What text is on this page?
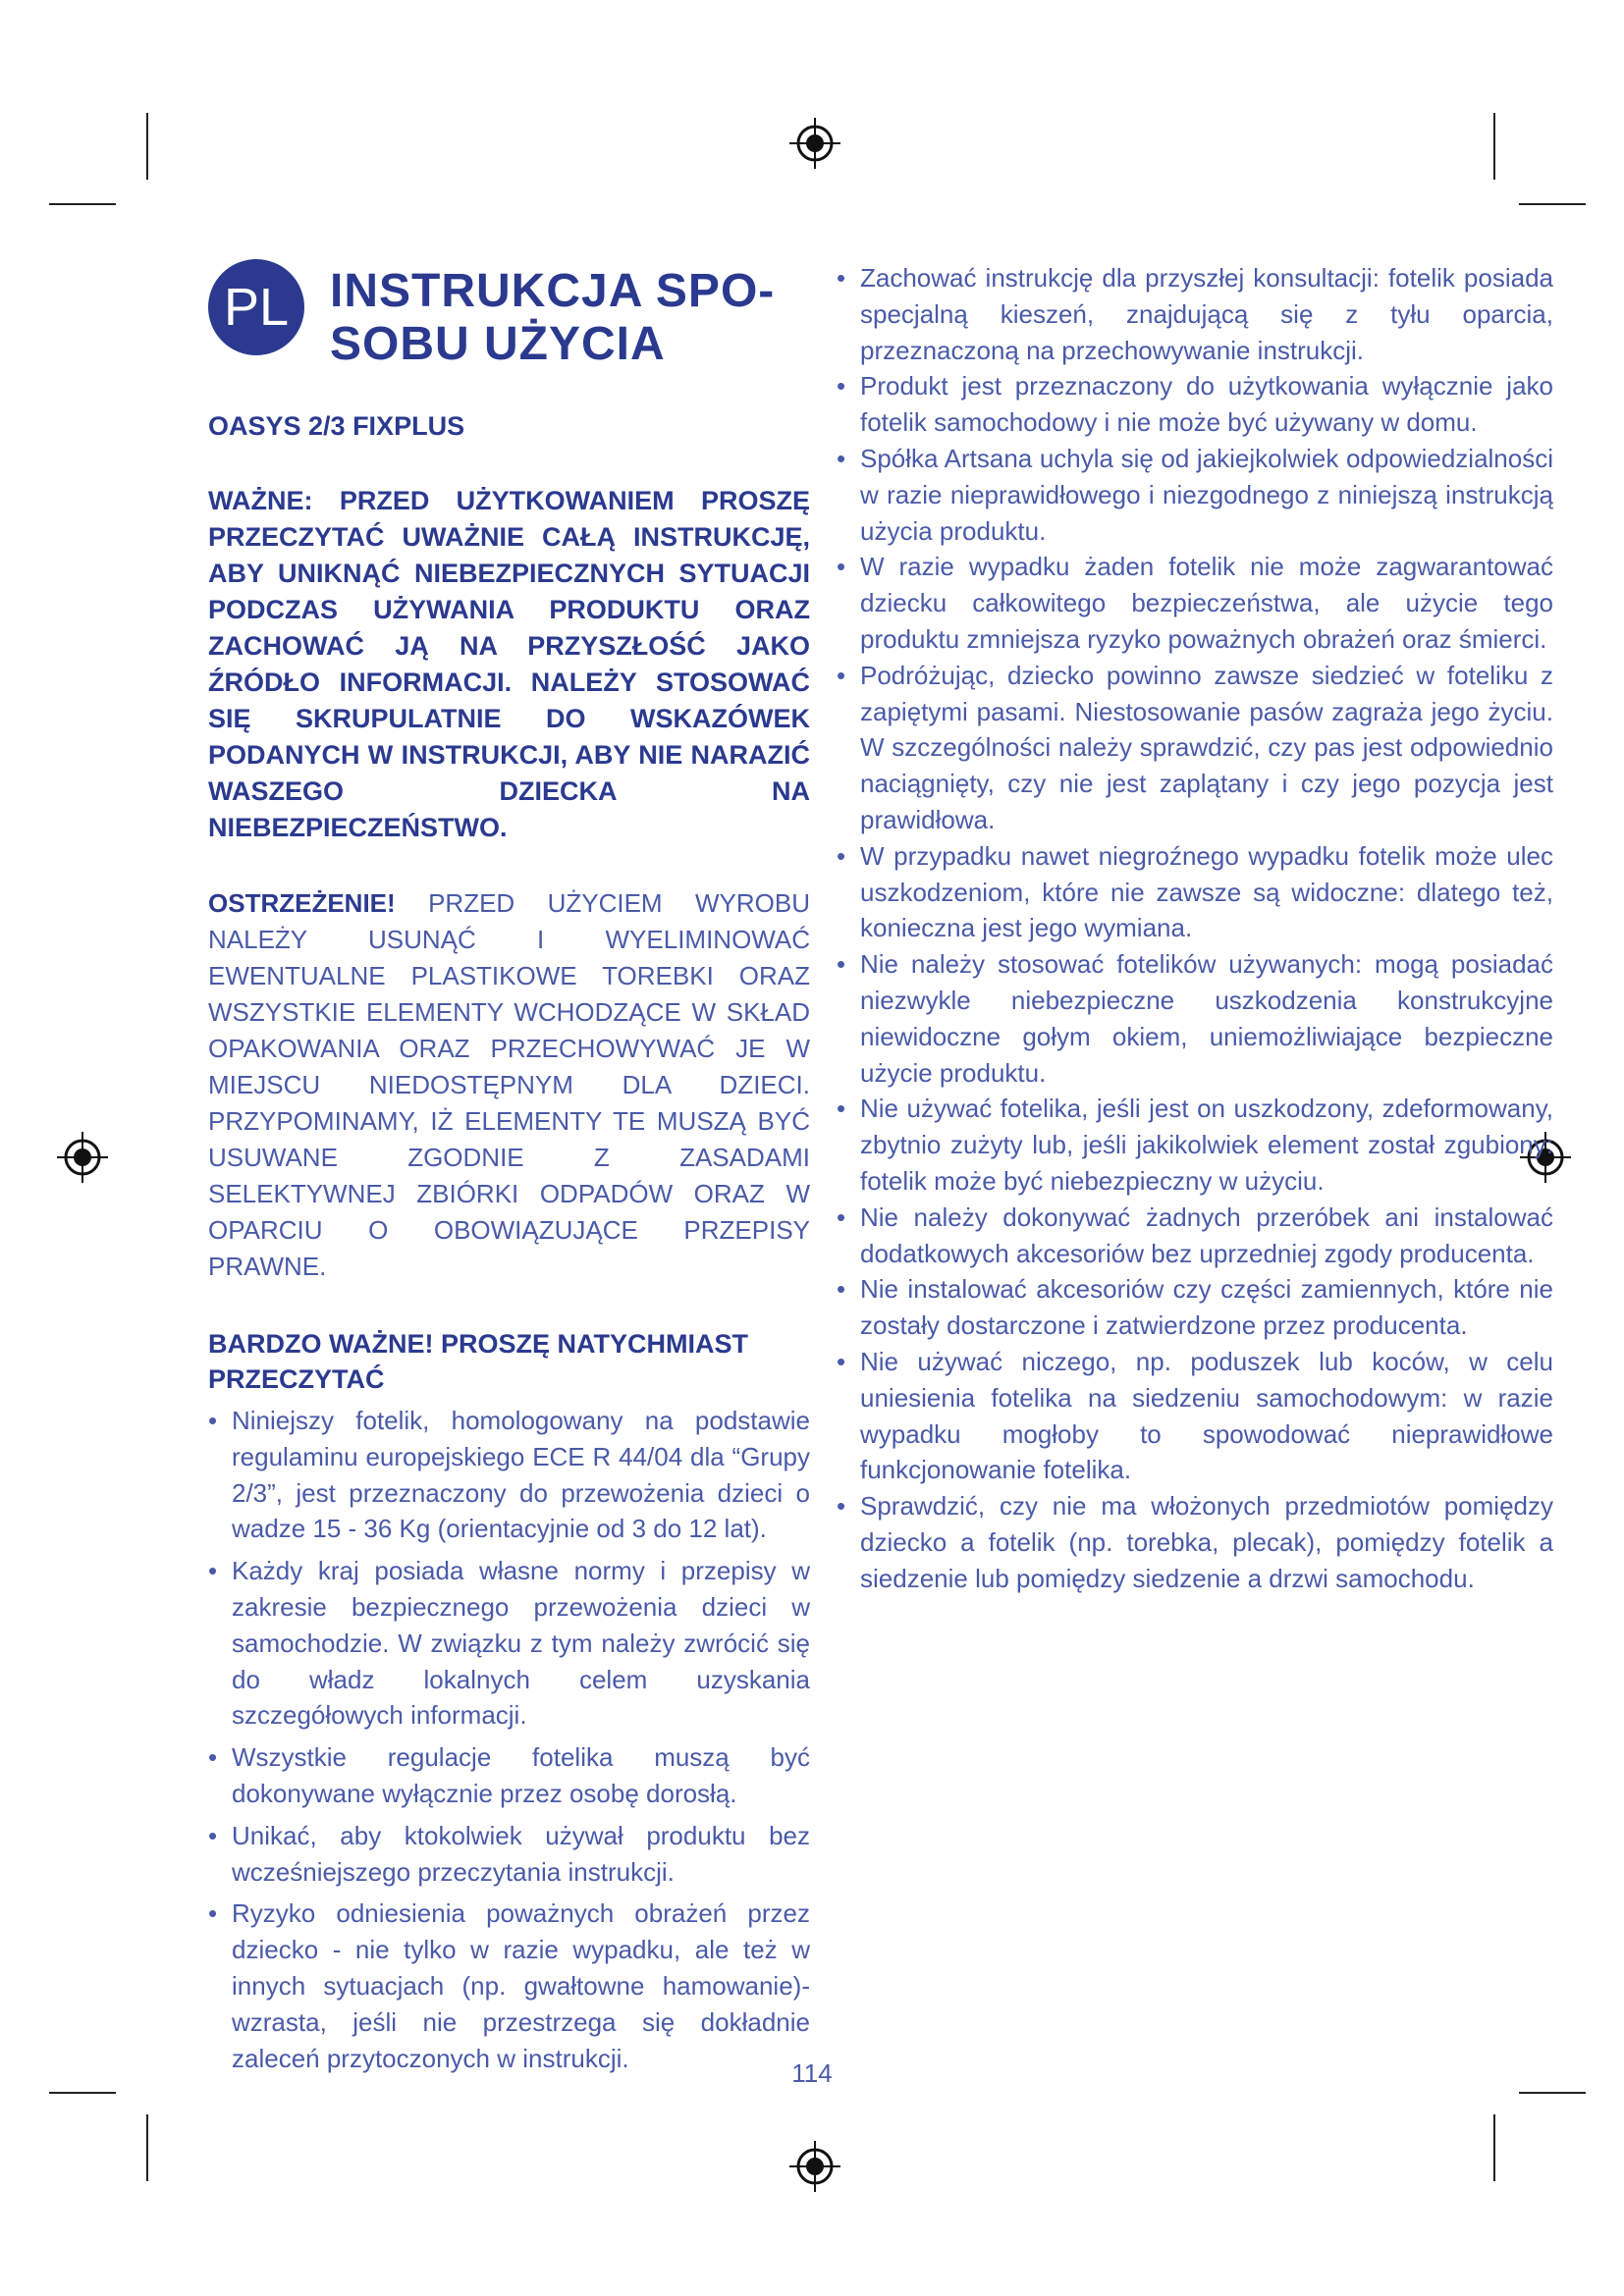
PL INSTRUKCJA SPO-
SOBU UŻYCIA
OASYS 2/3 FIXPLUS
WAŻNE: PRZED UŻYTKOWANIEM PROSZĘ PRZECZYTAĆ UWAŻNIE CAŁĄ INSTRUKCJĘ, ABY UNIKNĄĆ NIEBEZPIECZNYCH SYTUACJI PODCZAS UŻYWANIA PRODUKTU ORAZ ZACHOWAĆ JĄ NA PRZYSZŁOŚĆ JAKO ŹRÓDŁO INFORMACJI. NALEŻY STOSOWAĆ SIĘ SKRUPULATNIE DO WSKAZÓWEK PODANYCH W INSTRUKCJI, ABY NIE NARAZIĆ WASZEGO DZIECKA NA NIEBEZPIECZEŃSTWO.
OSTRZEŻENIE! PRZED UŻYCIEM WYROBU NALEŻY USUNĄĆ I WYELIMINOWAĆ EWENTUALNE PLASTIKOWE TOREBKI ORAZ WSZYSTKIE ELEMENTY WCHODZĄCE W SKŁAD OPAKOWANIA ORAZ PRZECHOWYWAĆ JE W MIEJSCU NIEDOSTĘPNYM DLA DZIECI. PRZYPOMINAMY, IŻ ELEMENTY TE MUSZĄ BYĆ USUWANE ZGODNIE Z ZASADAMI SELEKTYWNEJ ZBIÓRKI ODPADÓW ORAZ W OPARCIU O OBOWIĄZUJĄCE PRZEPISY PRAWNE.
BARDZO WAŻNE! PROSZĘ NATYCHMIAST PRZECZYTAĆ
• Niniejszy fotelik, homologowany na podstawie regulaminu europejskiego ECE R 44/04 dla “Grupy 2/3”, jest przeznaczony do przewożenia dzieci o wadze 15 - 36 Kg (orientacyjnie od 3 do 12 lat).
• Każdy kraj posiada własne normy i przepisy w zakresie bezpiecznego przewożenia dzieci w samochodzie. W związku z tym należy zwrócić się do władz lokalnych celem uzyskania szczegółowych informacji.
• Wszystkie regulacje fotelika muszą być dokonywane wyłącznie przez osobę dorosłą.
• Unikać, aby ktokolwiek używał produktu bez wcześniejszego przeczytania instrukcji.
• Ryzyko odniesienia poważnych obrażeń przez dziecko - nie tylko w razie wypadku, ale też w innych sytuacjach (np. gwałtowne hamowanie)- wzrasta, jeśli nie przestrzega się dokładnie zaleceń przytoczonych w instrukcji.
• Zachować instrukcję dla przyszłej konsultacji: fotelik posiada specjalną kieszeń, znajdującą się z tyłu oparcia, przeznaczoną na przechowywanie instrukcji.
• Produkt jest przeznaczony do użytkowania wyłącznie jako fotelik samochodowy i nie może być używany w domu.
• Spółka Artsana uchyla się od jakiejkolwiek odpowiedzialności w razie nieprawidłowego i niezgodnego z niniejszą instrukcją użycia produktu.
• W razie wypadku żaden fotelik nie może zagwarantować dziecku całkowitego bezpieczeństwa, ale użycie tego produktu zmniejsza ryzyko poważnych obrażeń oraz śmierci.
• Podróżując, dziecko powinno zawsze siedzieć w foteliku z zapiętymi pasami. Niestosowanie pasów zagraża jego życiu. W szczególności należy sprawdzić, czy pas jest odpowiednio naciągnięty, czy nie jest zaplątany i czy jego pozycja jest prawidłowa.
• W przypadku nawet niegroźnego wypadku fotelik może ulec uszkodzeniom, które nie zawsze są widoczne: dlatego też, konieczna jest jego wymiana.
• Nie należy stosować fotelików używanych: mogą posiadać niezwykle niebezpieczne uszkodzenia konstrukcyjne niewidoczne gołym okiem, uniemożliwiające bezpieczne użycie produktu.
• Nie używać fotelika, jeśli jest on uszkodzony, zdeformowany, zbytnio zużyty lub, jeśli jakikolwiek element został zgubiony: fotelik może być niebezpieczny w użyciu.
• Nie należy dokonywać żadnych przeróbek ani instalować dodatkowych akcesoriów bez uprzedniej zgody producenta.
• Nie instalować akcesoriów czy części zamiennych, które nie zostały dostarczone i zatwierdzone przez producenta.
• Nie używać niczego, np. poduszek lub koców, w celu uniesienia fotelika na siedzeniu samochodowym: w razie wypadku mogłoby to spowodować nieprawidłowe funkcjonowanie fotelika.
• Sprawdzić, czy nie ma włożonych przedmiotów pomiędzy dziecko a fotelik (np. torebka, plecak), pomiędzy fotelik a siedzenie lub pomiędzy siedzenie a drzwi samochodu.
114
